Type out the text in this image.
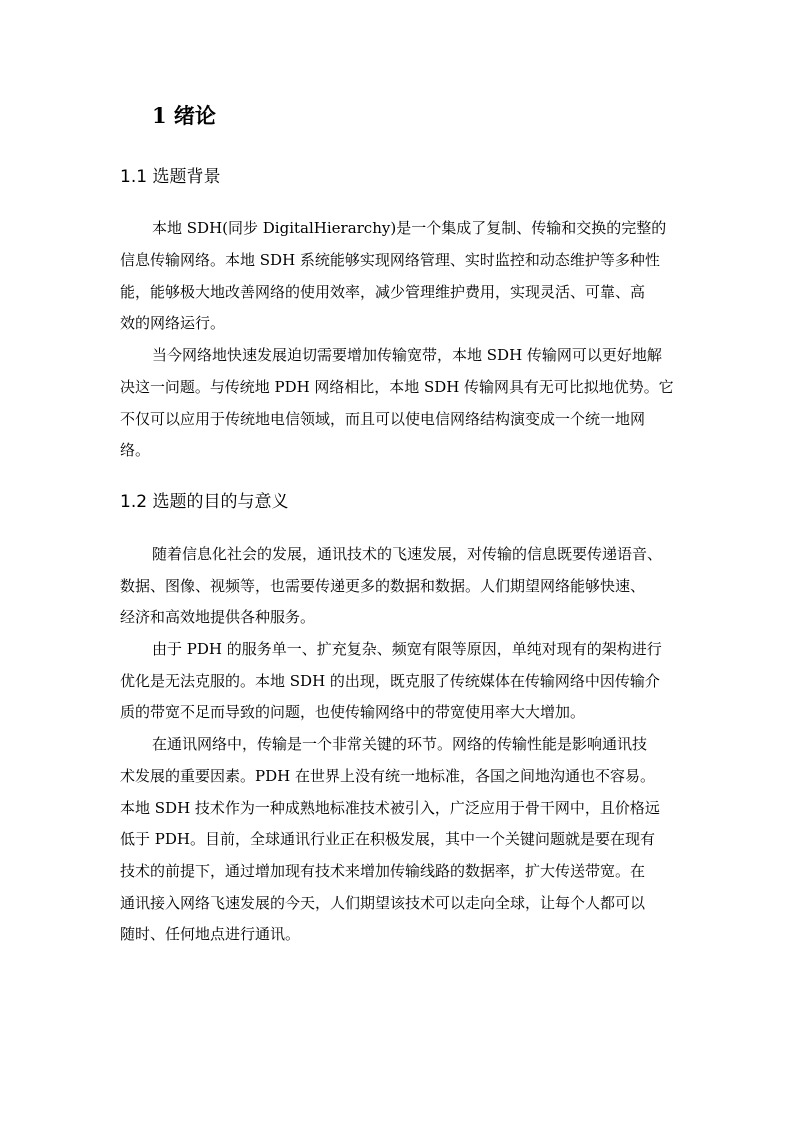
1 绪论
1.1 选题背景
本地 SDH(同步 DigitalHierarchy)是一个集成了复制、传输和交换的完整的
信息传输网络。本地 SDH 系统能够实现网络管理、实时监控和动态维护等多种性
能，能够极大地改善网络的使用效率，减少管理维护费用，实现灵活、可靠、高
效的网络运行。
当今网络地快速发展迫切需要增加传输宽带，本地 SDH 传输网可以更好地解
决这一问题。与传统地 PDH 网络相比，本地 SDH 传输网具有无可比拟地优势。它
不仅可以应用于传统地电信领域，而且可以使电信网络结构演变成一个统一地网
络。
1.2 选题的目的与意义
随着信息化社会的发展，通讯技术的飞速发展，对传输的信息既要传递语音、
数据、图像、视频等，也需要传递更多的数据和数据。人们期望网络能够快速、
经济和高效地提供各种服务。
由于 PDH 的服务单一、扩充复杂、频宽有限等原因，单纯对现有的架构进行
优化是无法克服的。本地 SDH 的出现，既克服了传统媒体在传输网络中因传输介
质的带宽不足而导致的问题，也使传输网络中的带宽使用率大大增加。
在通讯网络中，传输是一个非常关键的环节。网络的传输性能是影响通讯技
术发展的重要因素。PDH 在世界上没有统一地标准，各国之间地沟通也不容易。
本地 SDH 技术作为一种成熟地标准技术被引入，广泛应用于骨干网中，且价格远
低于 PDH。目前，全球通讯行业正在积极发展，其中一个关键问题就是要在现有
技术的前提下，通过增加现有技术来增加传输线路的数据率，扩大传送带宽。在
通讯接入网络飞速发展的今天，人们期望该技术可以走向全球，让每个人都可以
随时、任何地点进行通讯。
